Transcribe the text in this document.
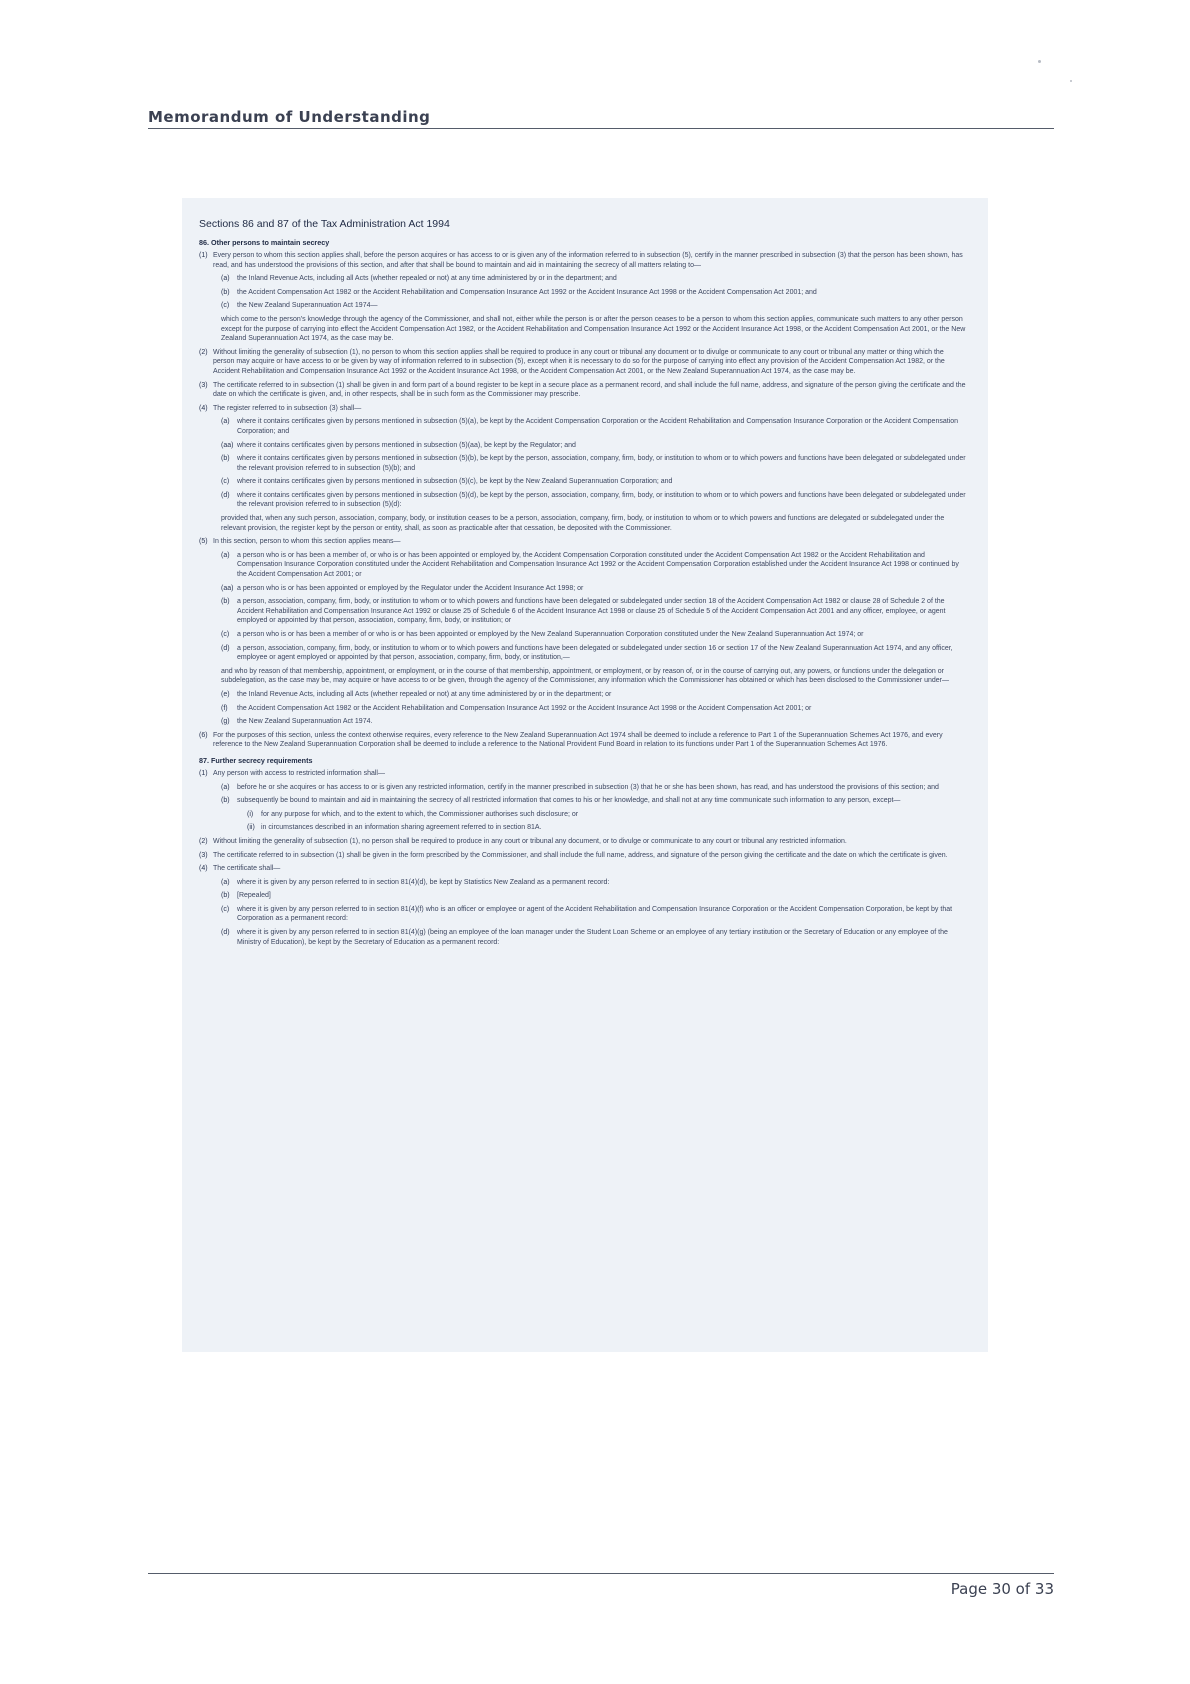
Memorandum of Understanding
Sections 86 and 87 of the Tax Administration Act 1994
86. Other persons to maintain secrecy
(1) Every person to whom this section applies shall, before the person acquires or has access to or is given any of the information referred to in subsection (5), certify in the manner prescribed in subsection (3) that the person has been shown, has read, and has understood the provisions of this section, and after that shall be bound to maintain and aid in maintaining the secrecy of all matters relating to—
(a) the Inland Revenue Acts, including all Acts (whether repealed or not) at any time administered by or in the department; and
(b) the Accident Compensation Act 1982 or the Accident Rehabilitation and Compensation Insurance Act 1992 or the Accident Insurance Act 1998 or the Accident Compensation Act 2001; and
(c) the New Zealand Superannuation Act 1974—
which come to the person's knowledge through the agency of the Commissioner, and shall not, either while the person is or after the person ceases to be a person to whom this section applies, communicate such matters to any other person except for the purpose of carrying into effect the Accident Compensation Act 1982, or the Accident Rehabilitation and Compensation Insurance Act 1992 or the Accident Insurance Act 1998, or the Accident Compensation Act 2001, or the New Zealand Superannuation Act 1974, as the case may be.
(2) Without limiting the generality of subsection (1), no person to whom this section applies shall be required to produce in any court or tribunal any document or to divulge or communicate to any court or tribunal any matter or thing which the person may acquire or have access to or be given by way of information referred to in subsection (5), except when it is necessary to do so for the purpose of carrying into effect any provision of the Accident Compensation Act 1982, or the Accident Rehabilitation and Compensation Insurance Act 1992 or the Accident Insurance Act 1998, or the Accident Compensation Act 2001, or the New Zealand Superannuation Act 1974, as the case may be.
(3) The certificate referred to in subsection (1) shall be given in and form part of a bound register to be kept in a secure place as a permanent record, and shall include the full name, address, and signature of the person giving the certificate and the date on which the certificate is given, and, in other respects, shall be in such form as the Commissioner may prescribe.
(4) The register referred to in subsection (3) shall—
(a) where it contains certificates given by persons mentioned in subsection (5)(a), be kept by the Accident Compensation Corporation or the Accident Rehabilitation and Compensation Insurance Corporation or the Accident Compensation Corporation; and
(aa) where it contains certificates given by persons mentioned in subsection (5)(aa), be kept by the Regulator; and
(b) where it contains certificates given by persons mentioned in subsection (5)(b), be kept by the person, association, company, firm, body, or institution to whom or to which powers and functions have been delegated or subdelegated under the relevant provision referred to in subsection (5)(b); and
(c) where it contains certificates given by persons mentioned in subsection (5)(c), be kept by the New Zealand Superannuation Corporation; and
(d) where it contains certificates given by persons mentioned in subsection (5)(d), be kept by the person, association, company, firm, body, or institution to whom or to which powers and functions have been delegated or subdelegated under the relevant provision referred to in subsection (5)(d):
provided that, when any such person, association, company, body, or institution ceases to be a person, association, company, firm, body, or institution to whom or to which powers and functions are delegated or subdelegated under the relevant provision, the register kept by the person or entity, shall, as soon as practicable after that cessation, be deposited with the Commissioner.
(5) In this section, person to whom this section applies means—
(a) a person who is or has been a member of, or who is or has been appointed or employed by, the Accident Compensation Corporation constituted under the Accident Compensation Act 1982 or the Accident Rehabilitation and Compensation Insurance Corporation constituted under the Accident Rehabilitation and Compensation Insurance Act 1992 or the Accident Compensation Corporation established under the Accident Insurance Act 1998 or continued by the Accident Compensation Act 2001; or
(aa) a person who is or has been appointed or employed by the Regulator under the Accident Insurance Act 1998; or
(b) a person, association, company, firm, body, or institution to whom or to which powers and functions have been delegated or subdelegated under section 18 of the Accident Compensation Act 1982 or clause 28 of Schedule 2 of the Accident Rehabilitation and Compensation Insurance Act 1992 or clause 25 of Schedule 6 of the Accident Insurance Act 1998 or clause 25 of Schedule 5 of the Accident Compensation Act 2001 and any officer, employee, or agent employed or appointed by that person, association, company, firm, body, or institution; or
(c) a person who is or has been a member of or who is or has been appointed or employed by the New Zealand Superannuation Corporation constituted under the New Zealand Superannuation Act 1974; or
(d) a person, association, company, firm, body, or institution to whom or to which powers and functions have been delegated or subdelegated under section 16 or section 17 of the New Zealand Superannuation Act 1974, and any officer, employee or agent employed or appointed by that person, association, company, firm, body, or institution,—
and who by reason of that membership, appointment, or employment, or in the course of that membership, appointment, or employment, or by reason of, or in the course of carrying out, any powers, or functions under the delegation or subdelegation, as the case may be, may acquire or have access to or be given, through the agency of the Commissioner, any information which the Commissioner has obtained or which has been disclosed to the Commissioner under—
(e) the Inland Revenue Acts, including all Acts (whether repealed or not) at any time administered by or in the department; or
(f) the Accident Compensation Act 1982 or the Accident Rehabilitation and Compensation Insurance Act 1992 or the Accident Insurance Act 1998 or the Accident Compensation Act 2001; or
(g) the New Zealand Superannuation Act 1974.
(6) For the purposes of this section, unless the context otherwise requires, every reference to the New Zealand Superannuation Act 1974 shall be deemed to include a reference to Part 1 of the Superannuation Schemes Act 1976, and every reference to the New Zealand Superannuation Corporation shall be deemed to include a reference to the National Provident Fund Board in relation to its functions under Part 1 of the Superannuation Schemes Act 1976.
87. Further secrecy requirements
(1) Any person with access to restricted information shall—
(a) before he or she acquires or has access to or is given any restricted information, certify in the manner prescribed in subsection (3) that he or she has been shown, has read, and has understood the provisions of this section; and
(b) subsequently be bound to maintain and aid in maintaining the secrecy of all restricted information that comes to his or her knowledge, and shall not at any time communicate such information to any person, except—
(i) for any purpose for which, and to the extent to which, the Commissioner authorises such disclosure; or
(ii) in circumstances described in an information sharing agreement referred to in section 81A.
(2) Without limiting the generality of subsection (1), no person shall be required to produce in any court or tribunal any document, or to divulge or communicate to any court or tribunal any restricted information.
(3) The certificate referred to in subsection (1) shall be given in the form prescribed by the Commissioner, and shall include the full name, address, and signature of the person giving the certificate and the date on which the certificate is given.
(4) The certificate shall—
(a) where it is given by any person referred to in section 81(4)(d), be kept by Statistics New Zealand as a permanent record:
(b) [Repealed]
(c) where it is given by any person referred to in section 81(4)(f) who is an officer or employee or agent of the Accident Rehabilitation and Compensation Insurance Corporation or the Accident Compensation Corporation, be kept by that Corporation as a permanent record:
(d) where it is given by any person referred to in section 81(4)(g) (being an employee of the loan manager under the Student Loan Scheme or an employee of any tertiary institution or the Secretary of Education or any employee of the Ministry of Education), be kept by the Secretary of Education as a permanent record:
Page 30 of 33
